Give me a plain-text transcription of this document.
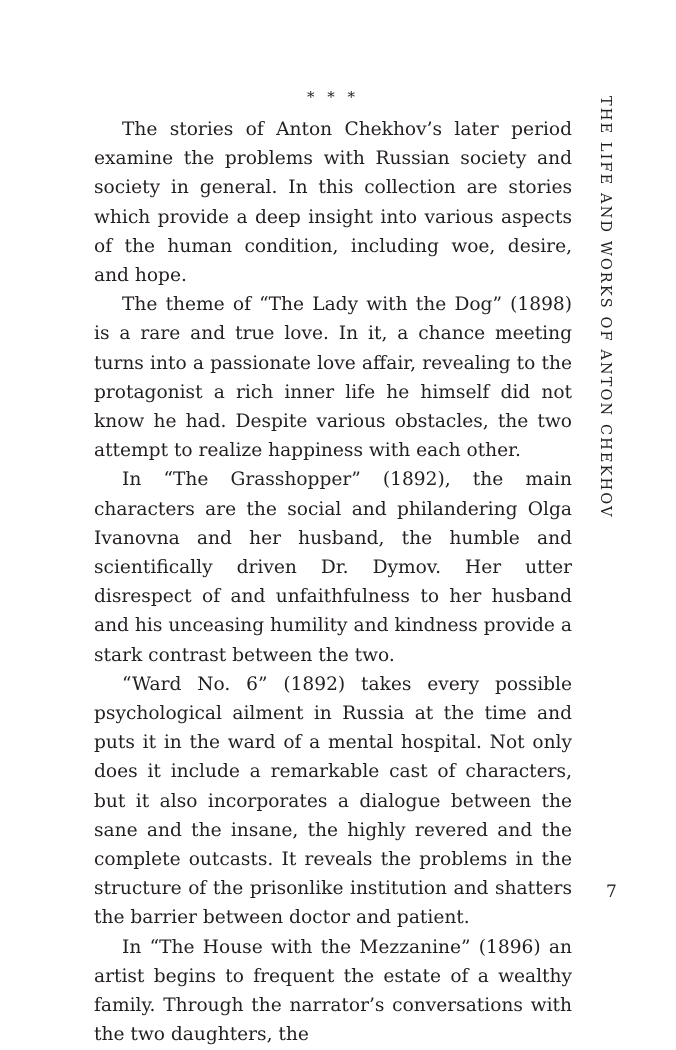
* * *

The stories of Anton Chekhov’s later period examine the problems with Russian society and society in general. In this collection are stories which provide a deep insight into various aspects of the human condition, including woe, desire, and hope.

The theme of “The Lady with the Dog” (1898) is a rare and true love. In it, a chance meeting turns into a passionate love affair, revealing to the protagonist a rich inner life he himself did not know he had. Despite various obstacles, the two attempt to realize happiness with each other.

In “The Grasshopper” (1892), the main characters are the social and philandering Olga Ivanovna and her husband, the humble and scientifically driven Dr. Dymov. Her utter disrespect of and unfaithfulness to her husband and his unceasing humility and kindness provide a stark contrast between the two.

“Ward No. 6” (1892) takes every possible psychological ailment in Russia at the time and puts it in the ward of a mental hospital. Not only does it include a remarkable cast of characters, but it also incorporates a dialogue between the sane and the insane, the highly revered and the complete outcasts. It reveals the problems in the structure of the prisonlike institution and shatters the barrier between doctor and patient.

In “The House with the Mezzanine” (1896) an artist begins to frequent the estate of a wealthy family. Through the narrator’s conversations with the two daughters, the

THE LIFE AND WORKS OF ANTON CHEKHOV
7
